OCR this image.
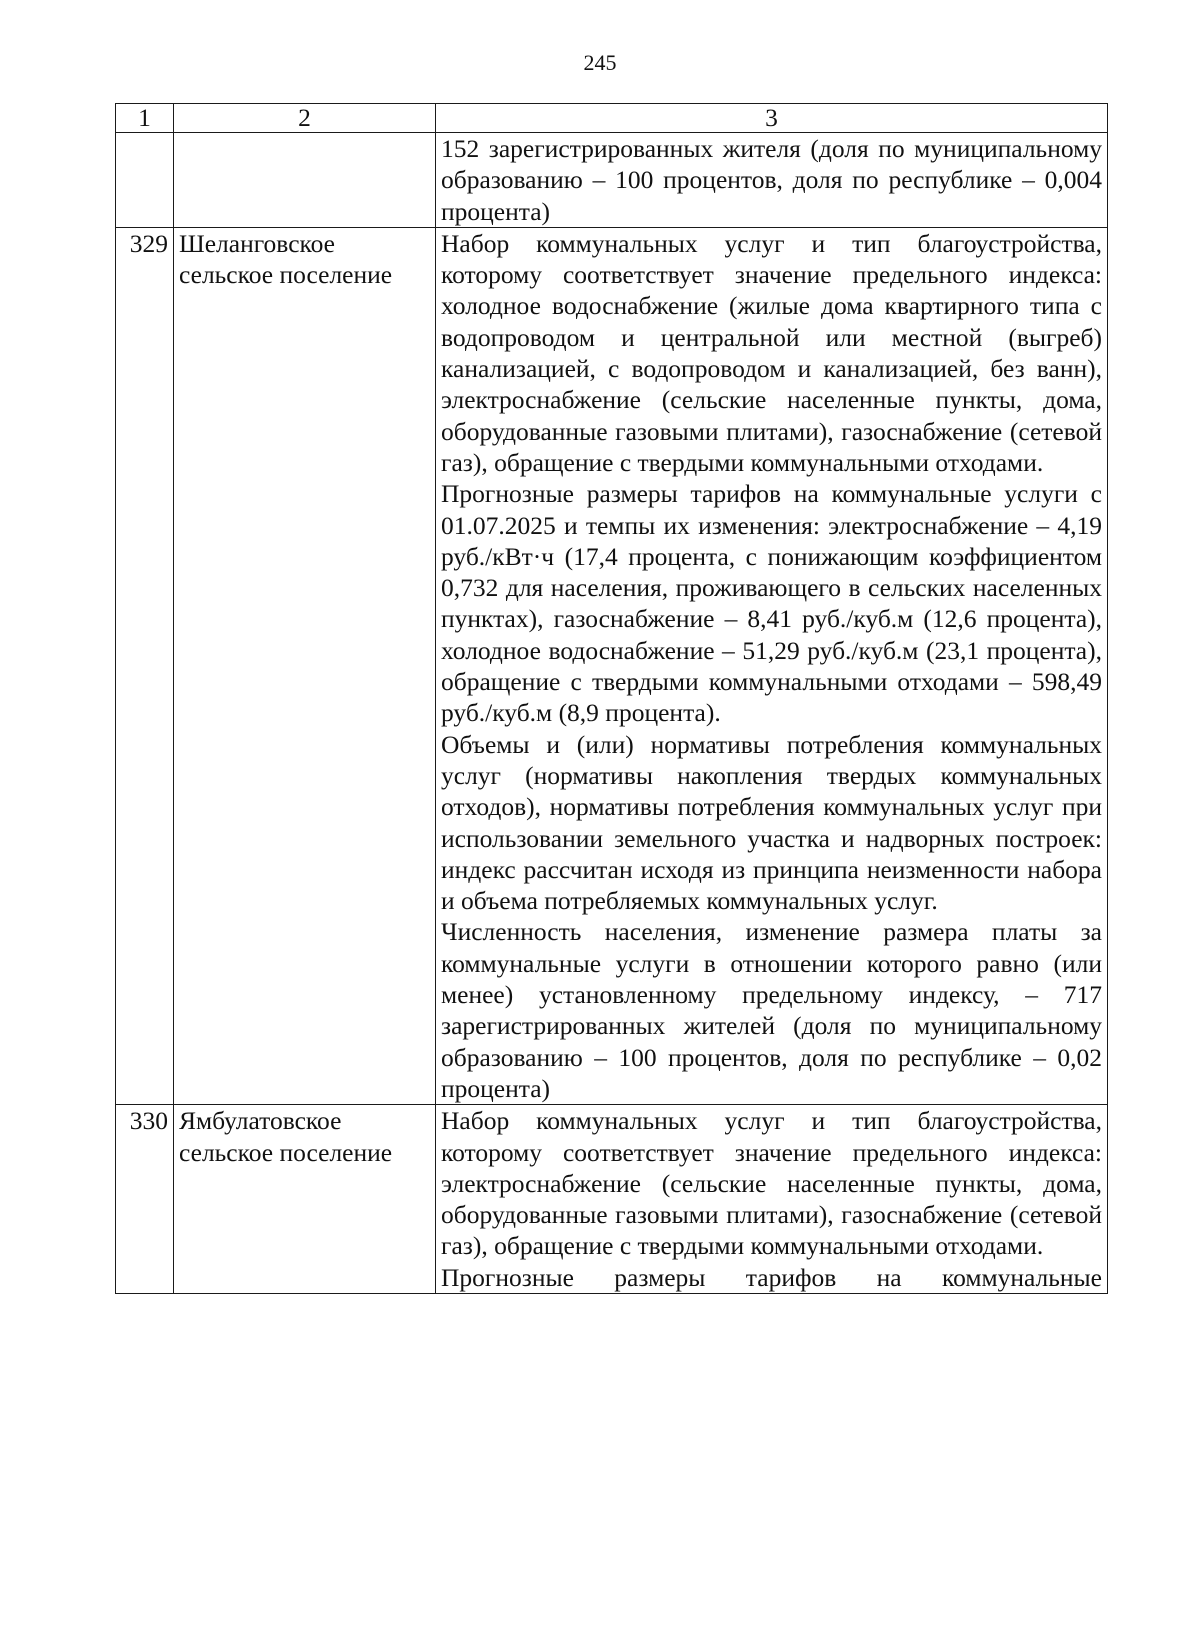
245
1	2	3

		152 зарегистрированных жителя (доля по муниципальному образованию – 100 процентов, доля по республике – 0,004 процента)

329	Шеланговское сельское поселение	Набор коммунальных услуг и тип благоустройства, которому соответствует значение предельного индекса: холодное водоснабжение (жилые дома квартирного типа с водопроводом и центральной или местной (выгреб) канализацией, с водопроводом и канализацией, без ванн), электроснабжение (сельские населенные пункты, дома, оборудованные газовыми плитами), газоснабжение (сетевой газ), обращение с твердыми коммунальными отходами.
Прогнозные размеры тарифов на коммунальные услуги с 01.07.2025 и темпы их изменения: электроснабжение – 4,19 руб./кВт·ч (17,4 процента, с понижающим коэффициентом 0,732 для населения, проживающего в сельских населенных пунктах), газоснабжение – 8,41 руб./куб.м (12,6 процента), холодное водоснабжение – 51,29 руб./куб.м (23,1 процента), обращение с твердыми коммунальными отходами – 598,49 руб./куб.м (8,9 процента).
Объемы и (или) нормативы потребления коммунальных услуг (нормативы накопления твердых коммунальных отходов), нормативы потребления коммунальных услуг при использовании земельного участка и надворных построек: индекс рассчитан исходя из принципа неизменности набора и объема потребляемых коммунальных услуг.
Численность населения, изменение размера платы за коммунальные услуги в отношении которого равно (или менее) установленному предельному индексу, – 717 зарегистрированных жителей (доля по муниципальному образованию – 100 процентов, доля по республике – 0,02 процента)

330	Ямбулатовское сельское поселение	Набор коммунальных услуг и тип благоустройства, которому соответствует значение предельного индекса: электроснабжение (сельские населенные пункты, дома, оборудованные газовыми плитами), газоснабжение (сетевой газ), обращение с твердыми коммунальными отходами.
Прогнозные размеры тарифов на коммунальные
